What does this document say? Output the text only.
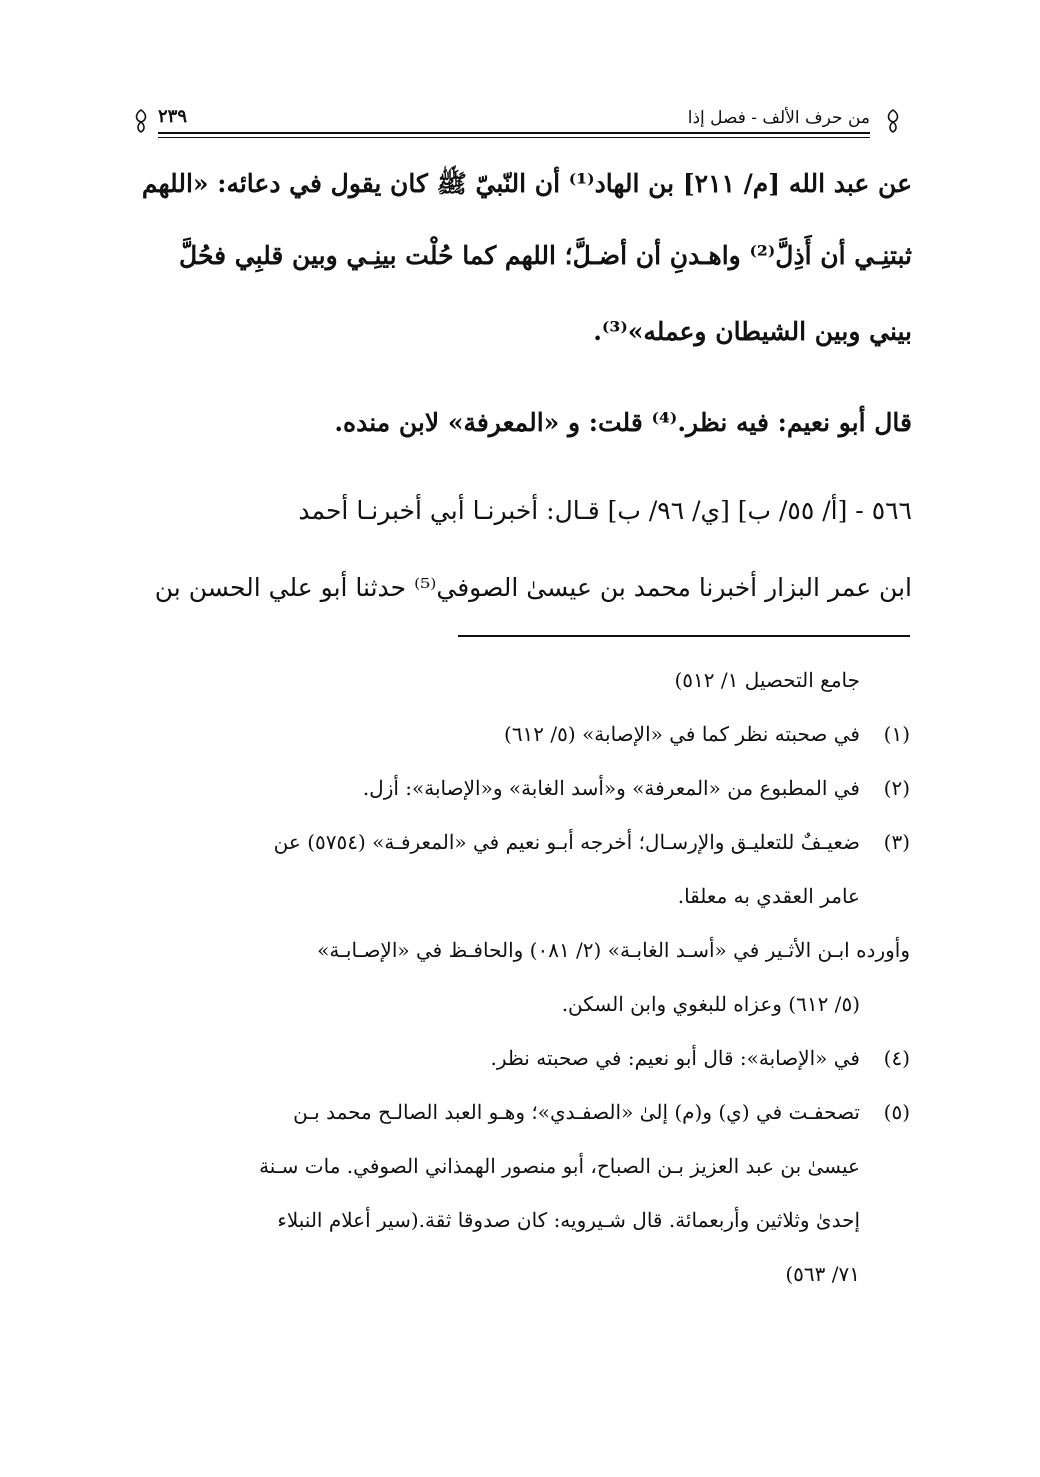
من حرف الألف - فصل إذا
٢٣٩
عن عبد الله [م/ ٢١١] بن الهاد⁽¹⁾ أن النّبيّ ﷺ كان يقول في دعائه: «اللهم
ثبتنِـي أن أَذِلَّ⁽²⁾ واهـدنِ أن أضـلَّ؛ اللهم كما حُلْت بينِـي وبين قلبِي فحُلَّ
بيني وبين الشيطان وعمله»⁽³⁾.
قال أبو نعيم: فيه نظر.⁽⁴⁾ قلت: و «المعرفة» لابن منده.
٥٦٦ - [أ/ ٥٥/ ب] [ي/ ٩٦/ ب] قـال: أخبرنـا أبي أخبرنـا أحمد
ابن عمر البزار أخبرنا محمد بن عيسىٰ الصوفي⁽⁵⁾ حدثنا أبو علي الحسن بن
جامع التحصيل ١/ ٥١٢)
(١)في صحبته نظر كما في «الإصابة» (٥/ ٦١٢)
(٢)في المطبوع من «المعرفة» و«أسد الغابة» و«الإصابة»: أزل.
(٣)ضعيـفٌ للتعليـق والإرسـال؛ أخرجه أبـو نعيم في «المعرفـة» (٥٧٥٤) عن
عامر العقدي به معلقا.
وأورده ابـن الأثـير في «أسـد الغابـة» (٢/ ٠٨١) والحافـظ في «الإصـابـة»
(٥/ ٦١٢) وعزاه للبغوي وابن السكن.
(٤)في «الإصابة»: قال أبو نعيم: في صحبته نظر.
(٥)تصحفـت في (ي) و(م) إلىٰ «الصفـدي»؛ وهـو العبد الصالـح محمد بـن
عيسىٰ بن عبد العزيز بـن الصباح، أبو منصور الهمذاني الصوفي. مات سـنة
إحدىٰ وثلاثين وأربعمائة. قال شـيرويه: كان صدوقا ثقة.(سير أعلام النبلاء
٧١/ ٥٦٣)
